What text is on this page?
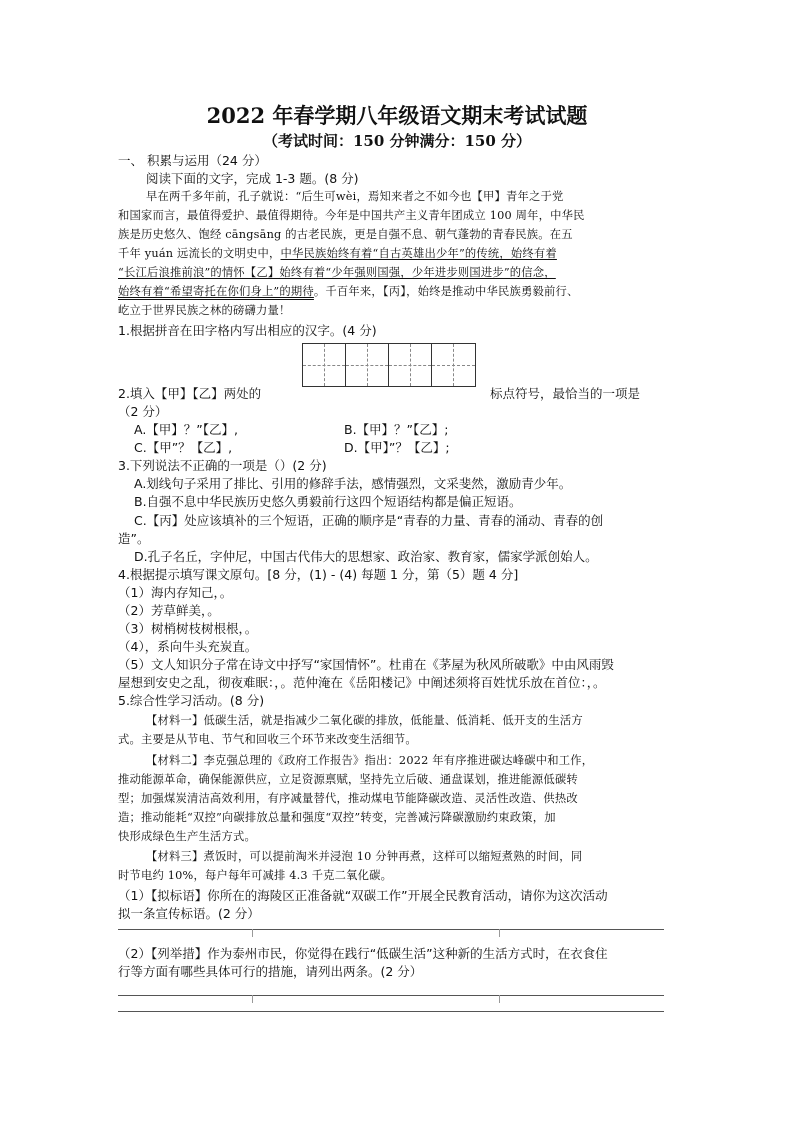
2022 年春学期八年级语文期末考试试题
（考试时间：150 分钟满分：150 分）
一、 积累与运用（24 分）
阅读下面的文字，完成 1-3 题。(8 分)
早在两千多年前，孔子就说：“后生可wèi，焉知来者之不如今也【甲】青年之于党
和国家而言，最值得爱护、最值得期待。今年是中国共产主义青年团成立 100 周年，中华民
族是历史悠久、饱经 cāngsāng 的古老民族，更是自强不息、朝气蓬勃的青春民族。在五
千年 yuán 远流长的文明史中，中华民族始终有着“自古英雄出少年”的传统，始终有着
“长江后浪推前浪”的情怀【乙】始终有着“少年强则国强，少年进步则国进步”的信念，
始终有着“希望寄托在你们身上”的期待。千百年来，【丙】，始终是推动中华民族勇毅前行、
屹立于世界民族之林的磅礴力量！
1.根据拼音在田字格内写出相应的汉字。(4 分)
2.填入【甲】【乙】两处的	标点符号，最恰当的一项是
（2 分）
A.【甲】？”【乙】,	B.【甲】？”【乙】;
C.【甲”？【乙】,	D.【甲】”？【乙】;
3.下列说法不正确的一项是（）(2 分)
A.划线句子采用了排比、引用的修辞手法，感情强烈，文采斐然，激励青少年。
B.自强不息中华民族历史悠久勇毅前行这四个短语结构都是偏正短语。
C.【丙】处应该填补的三个短语，正确的顺序是“青春的力量、青春的涌动、青春的创
造”。
D.孔子名丘，字仲尼，中国古代伟大的思想家、政治家、教育家，儒家学派创始人。
4.根据提示填写课文原句。[8 分，(1) - (4) 每题 1 分，第（5）题 4 分]
（1）海内存知己，。
（2）芳草鲜美，。
（3）树梢树枝树根根，。
（4），系向牛头充炭直。
（5）文人知识分子常在诗文中抒写“家国情怀”。杜甫在《茅屋为秋风所破歌》中由风雨毁
屋想到安史之乱，彻夜难眠：，。范仲淹在《岳阳楼记》中阐述须将百姓忧乐放在首位：，。
5.综合性学习活动。(8 分)
【材料一】低碳生活，就是指减少二氧化碳的排放，低能量、低消耗、低开支的生活方
式。主要是从节电、节气和回收三个环节来改变生活细节。
【材料二】李克强总理的《政府工作报告》指出：2022 年有序推进碳达峰碳中和工作，
推动能源革命，确保能源供应，立足资源禀赋，坚持先立后破、通盘谋划，推进能源低碳转
型；加强煤炭清洁高效利用，有序减量替代，推动煤电节能降碳改造、灵活性改造、供热改
造；推动能耗“双控”向碳排放总量和强度“双控”转变，完善减污降碳激励约束政策，加
快形成绿色生产生活方式。
【材料三】煮饭时，可以提前淘米并浸泡 10 分钟再煮，这样可以缩短煮熟的时间，同
时节电约 10%，每户每年可减排 4.3 千克二氧化碳。
（1）【拟标语】你所在的海陵区正准备就“双碳工作”开展全民教育活动，请你为这次活动
拟一条宣传标语。(2 分）
（2）【列举措】作为泰州市民，你觉得在践行“低碳生活”这种新的生活方式时，在衣食住
行等方面有哪些具体可行的措施，请列出两条。(2 分）
